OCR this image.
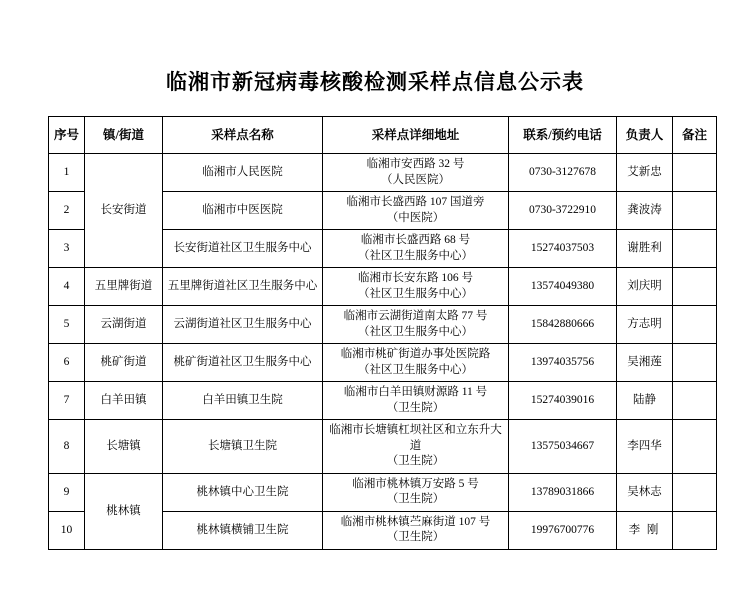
临湘市新冠病毒核酸检测采样点信息公示表
序号	镇/街道	采样点名称	采样点详细地址	联系/预约电话	负责人	备注
1	长安街道	临湘市人民医院	临湘市安西路 32 号
（人民医院）	0730-3127678	艾新忠	
2		临湘市中医医院	临湘市长盛西路 107 国道旁
（中医院）	0730-3722910	龚波涛	
3		长安街道社区卫生服务中心	临湘市长盛西路 68 号
（社区卫生服务中心）	15274037503	谢胜利	
4	五里牌街道	五里牌街道社区卫生服务中心	临湘市长安东路 106 号
（社区卫生服务中心）	13574049380	刘庆明	
5	云湖街道	云湖街道社区卫生服务中心	临湘市云湖街道南太路 77 号
（社区卫生服务中心）	15842880666	方志明	
6	桃矿街道	桃矿街道社区卫生服务中心	临湘市桃矿街道办事处医院路
（社区卫生服务中心）	13974035756	吴湘莲	
7	白羊田镇	白羊田镇卫生院	临湘市白羊田镇财源路 11 号
（卫生院）	15274039016	陆静	
8	长塘镇	长塘镇卫生院	临湘市长塘镇杠坝社区和立东升大道
（卫生院）	13575034667	李四华	
9	桃林镇	桃林镇中心卫生院	临湘市桃林镇万安路 5 号
（卫生院）	13789031866	吴林志	
10		桃林镇横铺卫生院	临湘市桃林镇苎麻街道 107 号
（卫生院）	19976700776	李 刚	
